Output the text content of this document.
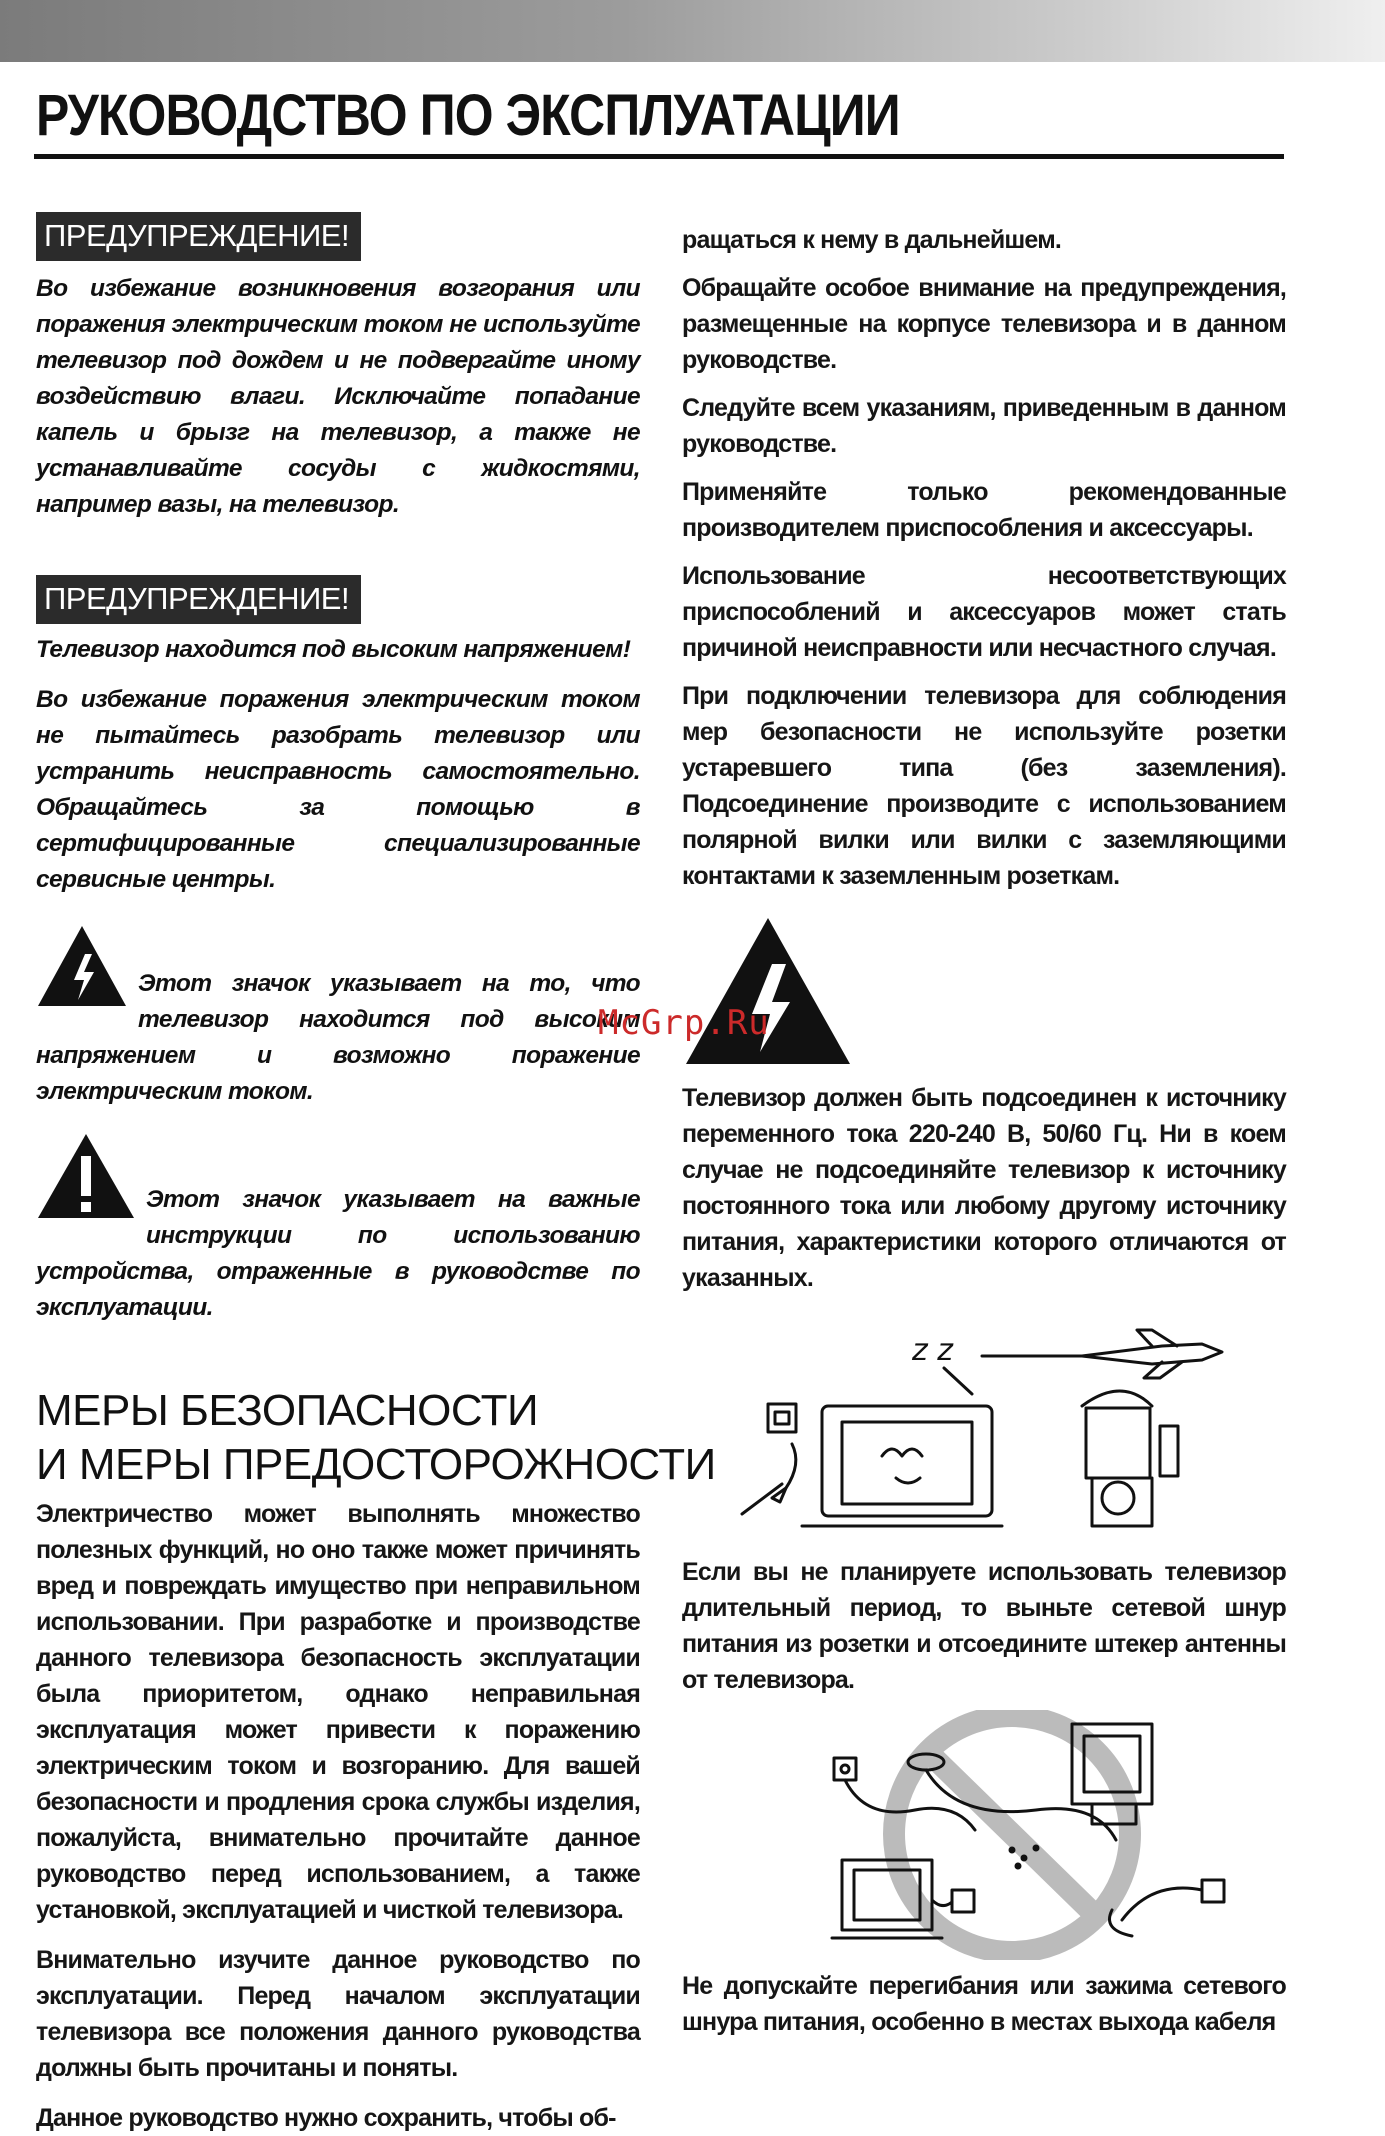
РУКОВОДСТВО ПО ЭКСПЛУАТАЦИИ
ПРЕДУПРЕЖДЕНИЕ!

Во избежание возникновения возгорания или поражения электрическим током не используйте телевизор под дождем и не подвергайте иному воздействию влаги. Исключайте попадание капель и брызг на телевизор, а также не устанавливайте сосуды с жидкостями, например вазы, на телевизор.

ПРЕДУПРЕЖДЕНИЕ!

Телевизор находится под высоким напряжением!

Во избежание поражения электрическим током не пытайтесь разобрать телевизор или устранить неисправность самостоятельно. Обращайтесь за помощью в сертифицированные специализированные сервисные центры.

Этот значок указывает на то, что телевизор находится под высоким напряжением и возможно поражение электрическим током.

Этот значок указывает на важные инструкции по использованию устройства, отраженные в руководстве по эксплуатации.

МЕРЫ БЕЗОПАСНОСТИ
И МЕРЫ ПРЕДОСТОРОЖНОСТИ

Электричество может выполнять множество полезных функций, но оно также может причинять вред и повреждать имущество при неправильном использовании. При разработке и производстве данного телевизора безопасность эксплуатации была приоритетом, однако неправильная эксплуатация может привести к поражению электрическим током и возгоранию. Для вашей безопасности и продления срока службы изделия, пожалуйста, внимательно прочитайте данное руководство перед использованием, а также установкой, эксплуатацией и чисткой телевизора.

Внимательно изучите данное руководство по эксплуатации. Перед началом эксплуатации телевизора все положения данного руководства должны быть прочитаны и поняты.

Данное руководство нужно сохранить, чтобы об-

ращаться к нему в дальнейшем.

Обращайте особое внимание на предупреждения, размещенные на корпусе телевизора и в данном руководстве.

Следуйте всем указаниям, приведенным в данном руководстве.

Применяйте только рекомендованные производителем приспособления и аксессуары.

Использование несоответствующих приспособлений и аксессуаров может стать причиной неисправности или несчастного случая.

При подключении телевизора для соблюдения мер безопасности не используйте розетки устаревшего типа (без заземления). Подсоединение производите с использованием полярной вилки или вилки с заземляющими контактами к заземленным розеткам.

Телевизор должен быть подсоединен к источнику переменного тока 220-240 В, 50/60 Гц. Ни в коем случае не подсоединяйте телевизор к источнику постоянного тока или любому другому источнику питания, характеристики которого отличаются от указанных.

z z

Если вы не планируете использовать телевизор длительный период, то выньте сетевой шнур питания из розетки и отсоедините штекер антенны от телевизора.

Не допускайте перегибания или зажима сетевого шнура питания, особенно в местах выхода кабеля

McGrp.Ru
